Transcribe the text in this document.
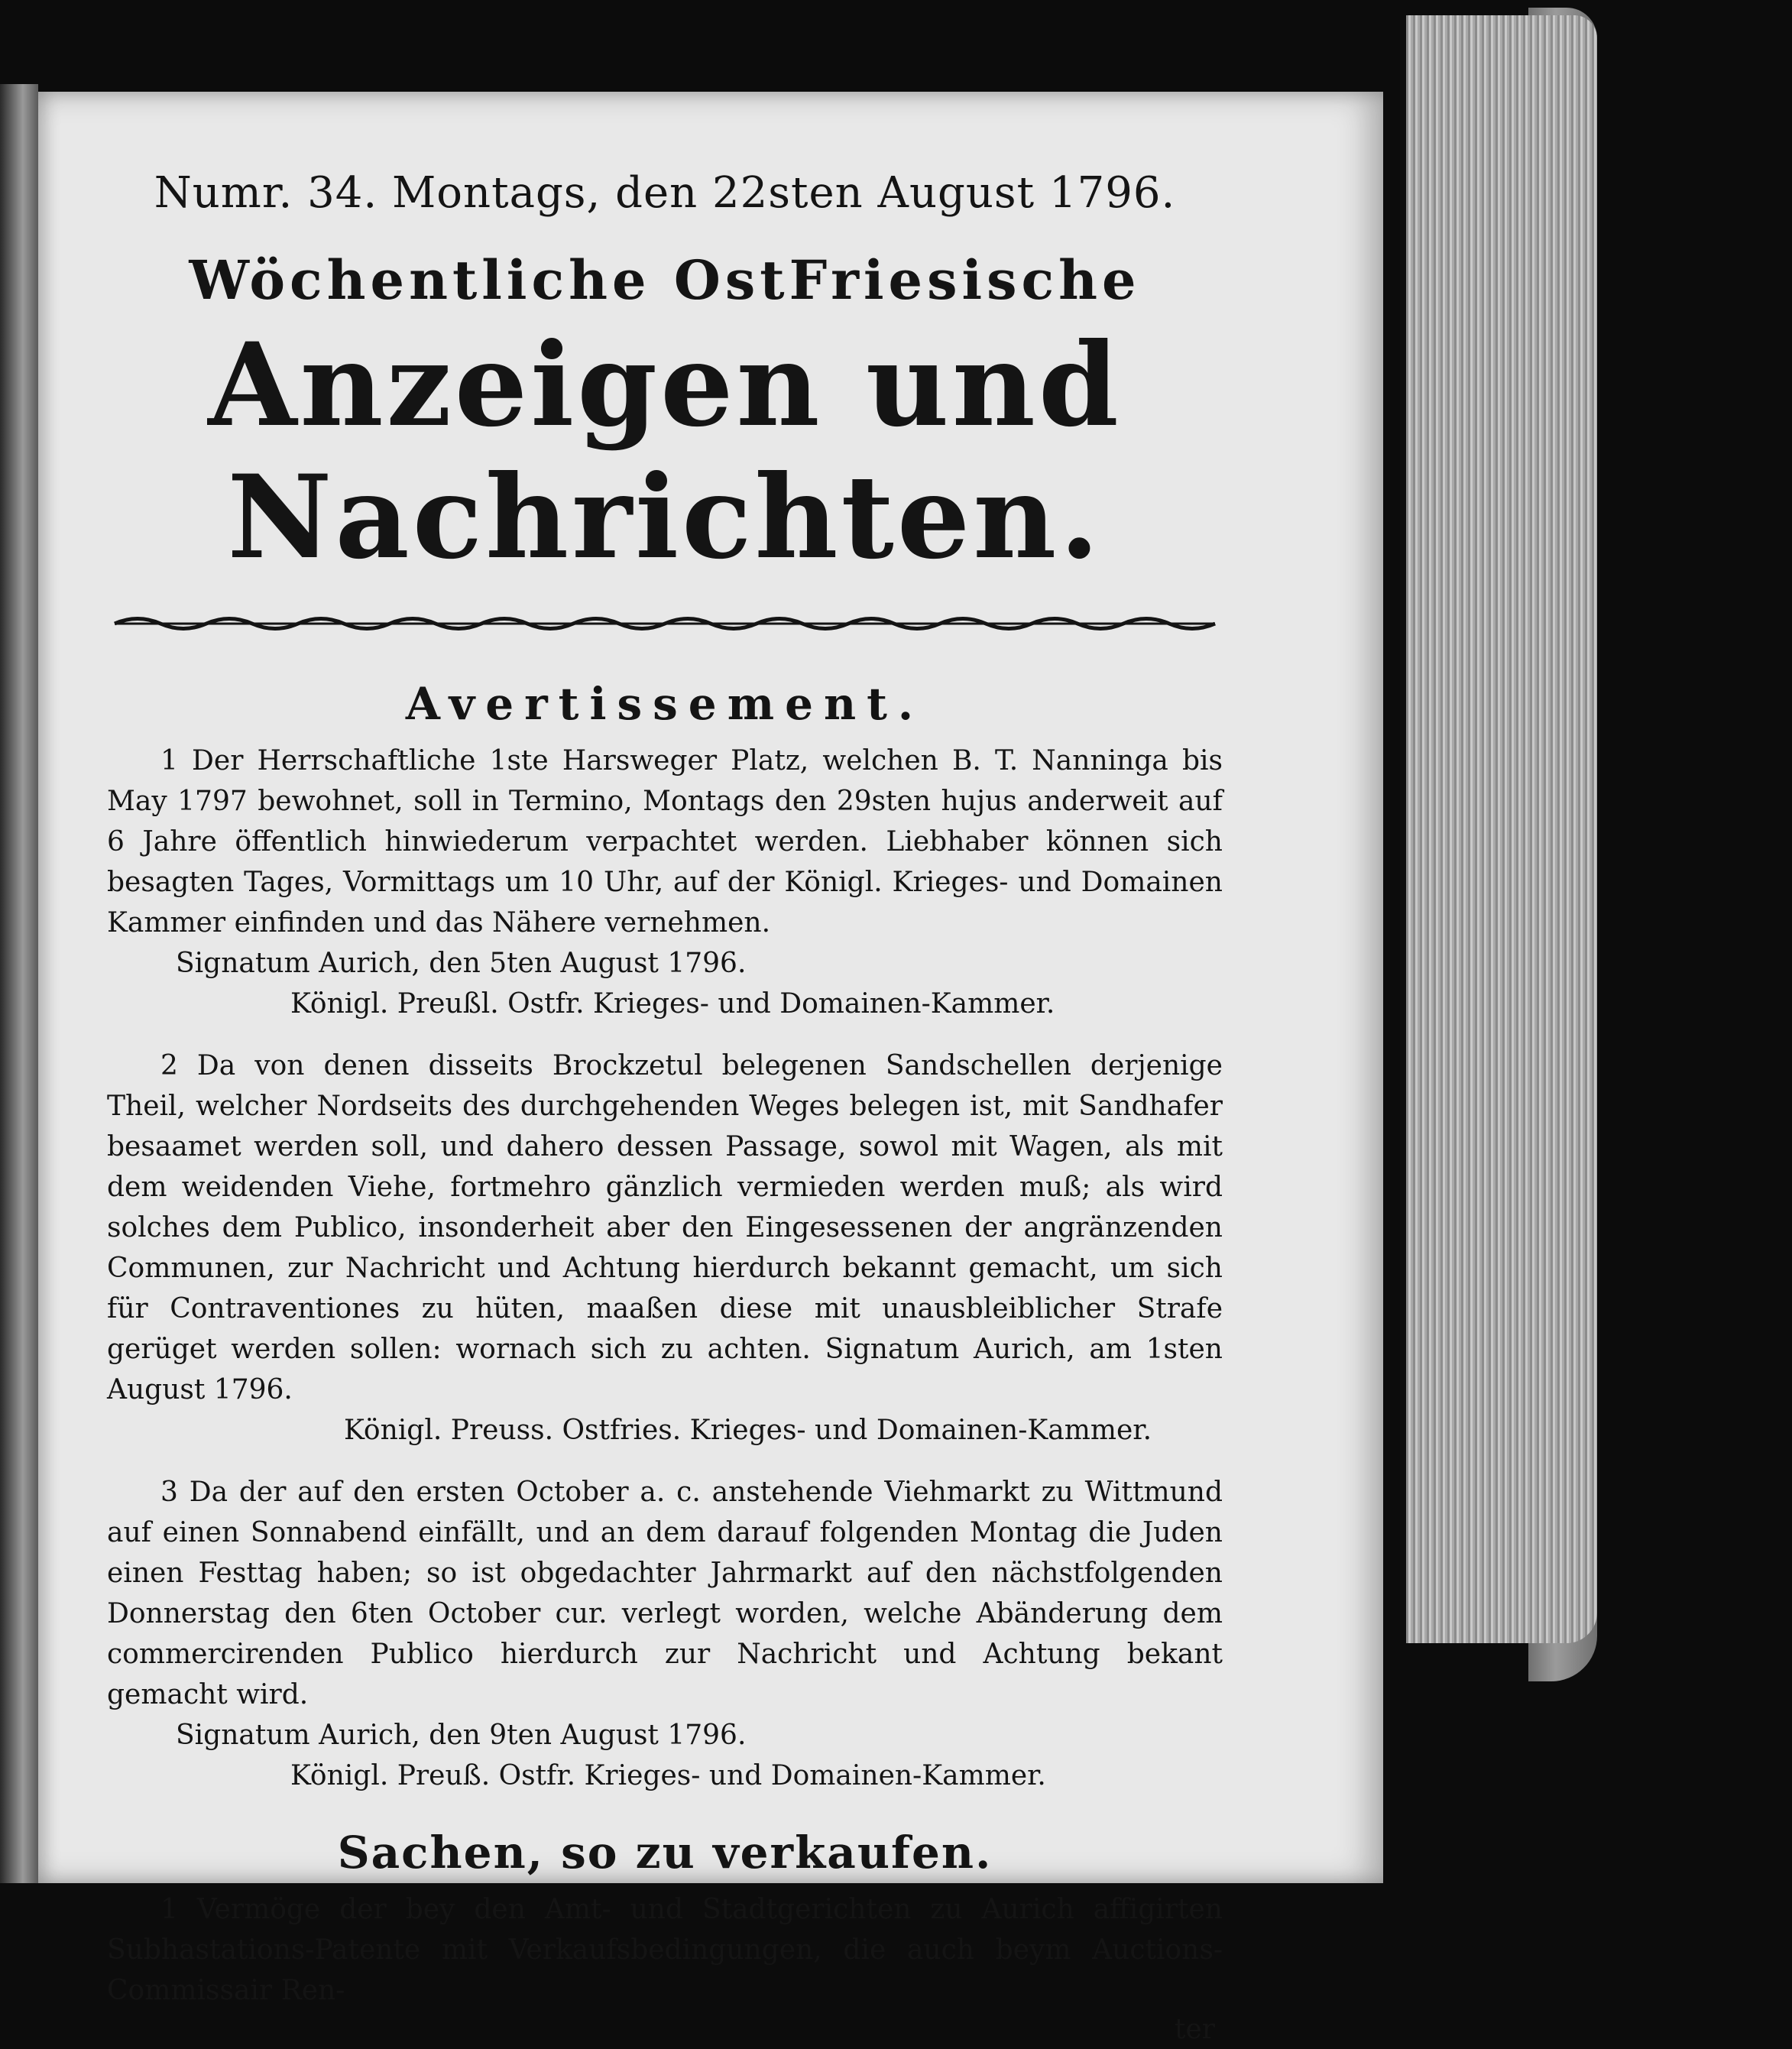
Numr. 34. Montags, den 22sten August 1796.

Wöchentliche OstFriesische

Anzeigen und Nachrichten.

Avertissement.

1 Der Herrschaftliche 1ste Harsweger Platz, welchen B. T. Nanninga bis May 1797 bewohnet, soll in Termino, Montags den 29sten hujus anderweit auf 6 Jahre öffentlich hinwiederum verpachtet werden. Liebhaber können sich besagten Tages, Vormittags um 10 Uhr, auf der Königl. Krieges- und Domainen Kammer einfinden und das Nähere vernehmen.

Signatum Aurich, den 5ten August 1796.

Königl. Preußl. Ostfr. Krieges- und Domainen-Kammer.

2 Da von denen disseits Brockzetul belegenen Sandschellen derjenige Theil, welcher Nordseits des durchgehenden Weges belegen ist, mit Sandhafer besaamet werden soll, und dahero dessen Passage, sowol mit Wagen, als mit dem weidenden Viehe, fortmehro gänzlich vermieden werden muß; als wird solches dem Publico, insonderheit aber den Eingesessenen der angränzenden Communen, zur Nachricht und Achtung hierdurch bekannt gemacht, um sich für Contraventiones zu hüten, maaßen diese mit unausbleiblicher Strafe gerüget werden sollen: wornach sich zu achten. Signatum Aurich, am 1sten August 1796.

Königl. Preuss. Ostfries. Krieges- und Domainen-Kammer.

3 Da der auf den ersten October a. c. anstehende Viehmarkt zu Wittmund auf einen Sonnabend einfällt, und an dem darauf folgenden Montag die Juden einen Festtag haben; so ist obgedachter Jahrmarkt auf den nächstfolgenden Donnerstag den 6ten October cur. verlegt worden, welche Abänderung dem commercirenden Publico hierdurch zur Nachricht und Achtung bekant gemacht wird.

Signatum Aurich, den 9ten August 1796.

Königl. Preuß. Ostfr. Krieges- und Domainen-Kammer.

Sachen, so zu verkaufen.

1 Vermöge der bey den Amt- und Stadtgerichten zu Aurich affigirten Subhastations-Patente mit Verkaufsbedingungen, die auch beym Auctions-Commissair Ren-

ter
